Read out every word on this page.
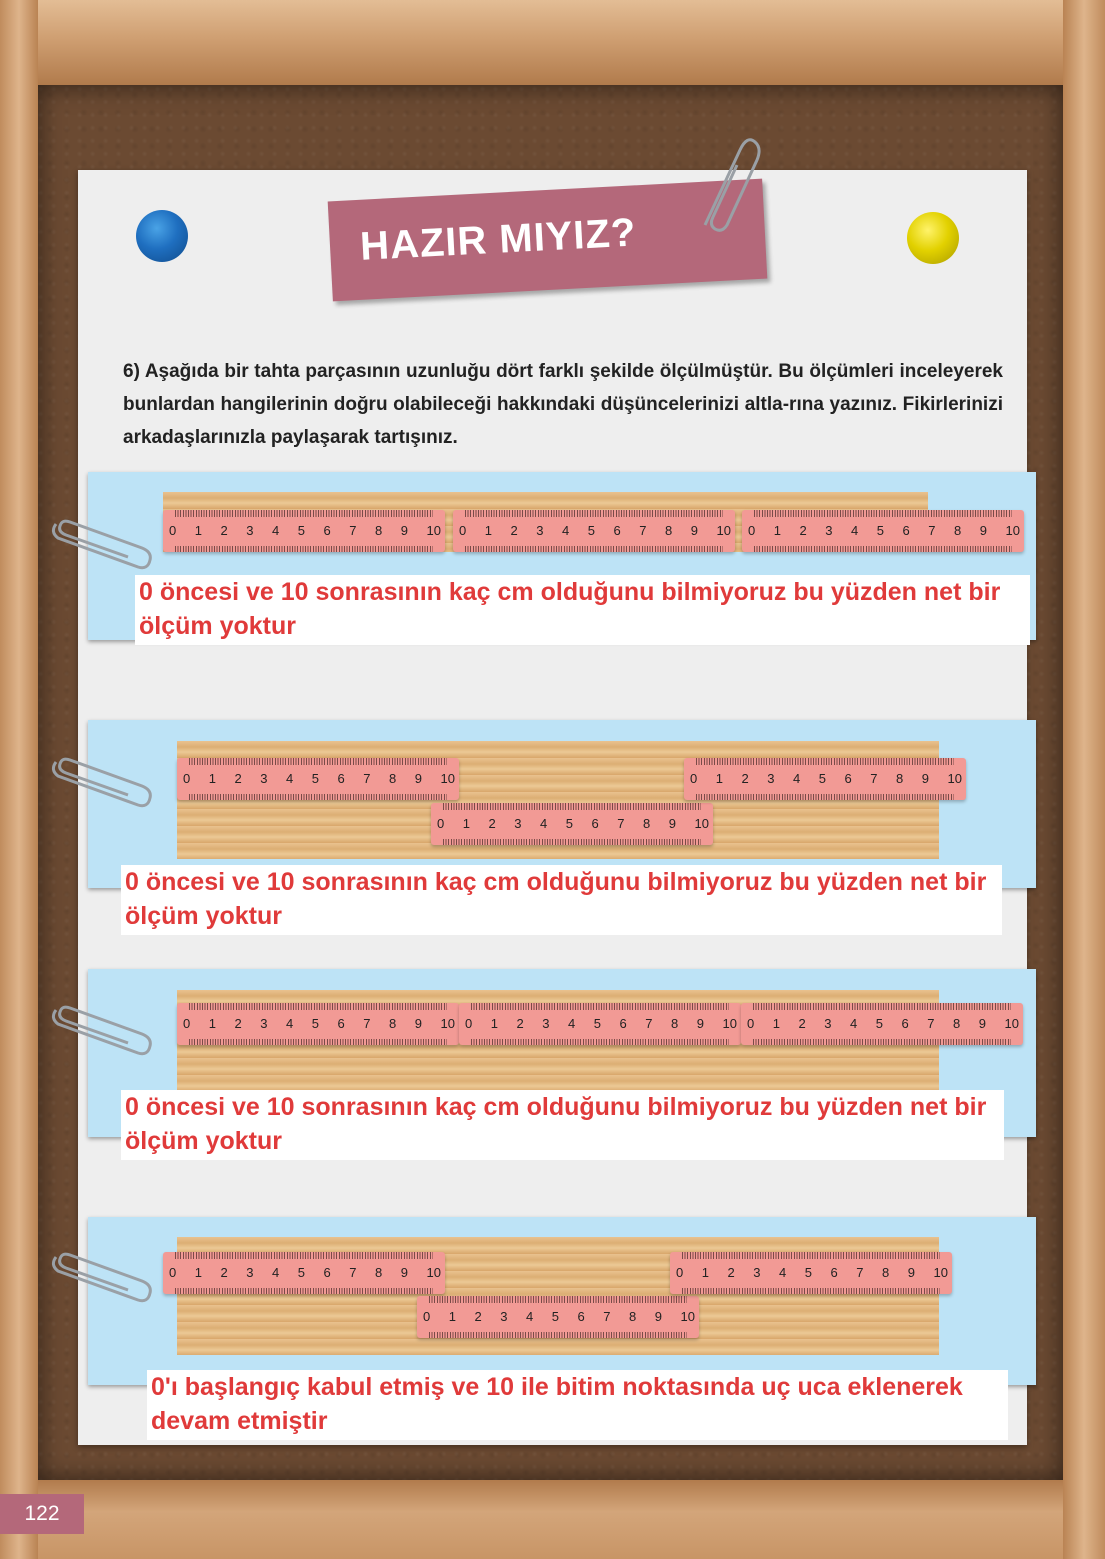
HAZIR MIYIZ?
6) Aşağıda bir tahta parçasının uzunluğu dört farklı şekilde ölçülmüştür. Bu ölçümleri inceleyerek bunlardan hangilerinin doğru olabileceği hakkındaki düşüncelerinizi altla-rına yazınız. Fikirlerinizi arkadaşlarınızla paylaşarak tartışınız.
0 1 2 3 4 5 6 7 8 9 10 0 1 2 3 4 5 6 7 8 9 10 0 1 2 3 4 5 6 7 8 9 10
0 öncesi ve 10 sonrasının kaç cm olduğunu bilmiyoruz bu yüzden net bir ölçüm yoktur
0 1 2 3 4 5 6 7 8 9 10
0 1 2 3 4 5 6 7 8 9 10
0 1 2 3 4 5 6 7 8 9 10
0 öncesi ve 10 sonrasının kaç cm olduğunu bilmiyoruz bu yüzden net bir ölçüm yoktur
0 1 2 3 4 5 6 7 8 9 10 0 1 2 3 4 5 6 7 8 9 10 0 1 2 3 4 5 6 7 8 9 10
0 öncesi ve 10 sonrasının kaç cm olduğunu bilmiyoruz bu yüzden net bir ölçüm yoktur
0 1 2 3 4 5 6 7 8 9 10
0 1 2 3 4 5 6 7 8 9 10
0 1 2 3 4 5 6 7 8 9 10
0'ı başlangıç kabul etmiş ve 10 ile bitim noktasında uç uca eklenerek devam etmiştir
122
